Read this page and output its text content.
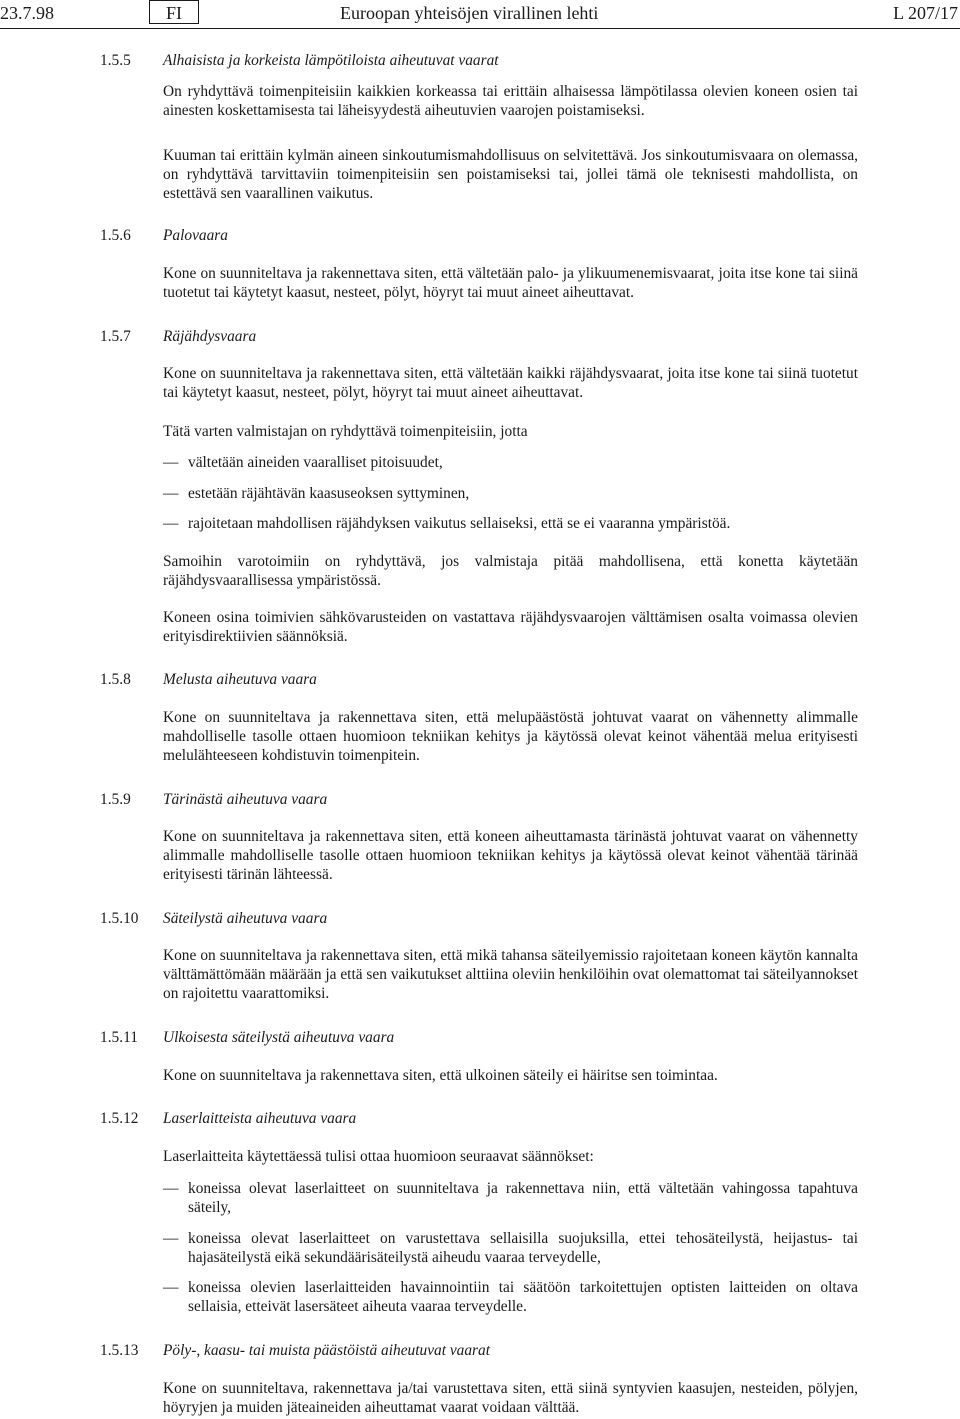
23.7.98	FI	Euroopan yhteisöjen virallinen lehti	L 207/17
1.5.5 Alhaisista ja korkeista lämpötiloista aiheutuvat vaarat

On ryhdyttävä toimenpiteisiin kaikkien korkeassa tai erittäin alhaisessa lämpötilassa olevien koneen osien tai ainesten koskettamisesta tai läheisyydestä aiheutuvien vaarojen poistamiseksi.

Kuuman tai erittäin kylmän aineen sinkoutumismahdollisuus on selvitettävä. Jos sinkoutumisvaara on olemassa, on ryhdyttävä tarvittaviin toimenpiteisiin sen poistamiseksi tai, jollei tämä ole teknisesti mahdollista, on estettävä sen vaarallinen vaikutus.

1.5.6 Palovaara

Kone on suunniteltava ja rakennettava siten, että vältetään palo- ja ylikuumenemisvaarat, joita itse kone tai siinä tuotetut tai käytetyt kaasut, nesteet, pölyt, höyryt tai muut aineet aiheuttavat.

1.5.7 Räjähdysvaara

Kone on suunniteltava ja rakennettava siten, että vältetään kaikki räjähdysvaarat, joita itse kone tai siinä tuotetut tai käytetyt kaasut, nesteet, pölyt, höyryt tai muut aineet aiheuttavat.

Tätä varten valmistajan on ryhdyttävä toimenpiteisiin, jotta

— vältetään aineiden vaaralliset pitoisuudet,
— estetään räjähtävän kaasuseoksen syttyminen,
— rajoitetaan mahdollisen räjähdyksen vaikutus sellaiseksi, että se ei vaaranna ympäristöä.

Samoihin varotoimiin on ryhdyttävä, jos valmistaja pitää mahdollisena, että konetta käytetään räjähdysvaarallisessa ympäristössä.

Koneen osina toimivien sähkövarusteiden on vastattava räjähdysvaarojen välttämisen osalta voimassa olevien erityisdirektiivien säännöksiä.

1.5.8 Melusta aiheutuva vaara

Kone on suunniteltava ja rakennettava siten, että melupäästöstä johtuvat vaarat on vähennetty alimmalle mahdolliselle tasolle ottaen huomioon tekniikan kehitys ja käytössä olevat keinot vähentää melua erityisesti melulähteeseen kohdistuvin toimenpitein.

1.5.9 Tärinästä aiheutuva vaara

Kone on suunniteltava ja rakennettava siten, että koneen aiheuttamasta tärinästä johtuvat vaarat on vähennetty alimmalle mahdolliselle tasolle ottaen huomioon tekniikan kehitys ja käytössä olevat keinot vähentää tärinää erityisesti tärinän lähteessä.

1.5.10 Säteilystä aiheutuva vaara

Kone on suunniteltava ja rakennettava siten, että mikä tahansa säteilyemissio rajoitetaan koneen käytön kannalta välttämättömään määrään ja että sen vaikutukset alttiina oleviin henkilöihin ovat olemattomat tai säteilyannokset on rajoitettu vaarattomiksi.

1.5.11 Ulkoisesta säteilystä aiheutuva vaara

Kone on suunniteltava ja rakennettava siten, että ulkoinen säteily ei häiritse sen toimintaa.

1.5.12 Laserlaitteista aiheutuva vaara

Laserlaitteita käytettäessä tulisi ottaa huomioon seuraavat säännökset:

— koneissa olevat laserlaitteet on suunniteltava ja rakennettava niin, että vältetään vahingossa tapahtuva säteily,
— koneissa olevat laserlaitteet on varustettava sellaisilla suojuksilla, ettei tehosäteilystä, heijastus- tai hajasäteilystä eikä sekundäärisäteilystä aiheudu vaaraa terveydelle,
— koneissa olevien laserlaitteiden havainnointiin tai säätöön tarkoitettujen optisten laitteiden on oltava sellaisia, etteivät lasersäteet aiheuta vaaraa terveydelle.
1.5.13 Pöly-, kaasu- tai muista päästöistä aiheutuvat vaarat

Kone on suunniteltava, rakennettava ja/tai varustettava siten, että siinä syntyvien kaasujen, nesteiden, pölyjen, höyryjen ja muiden jäteaineiden aiheuttamat vaarat voidaan välttää.
